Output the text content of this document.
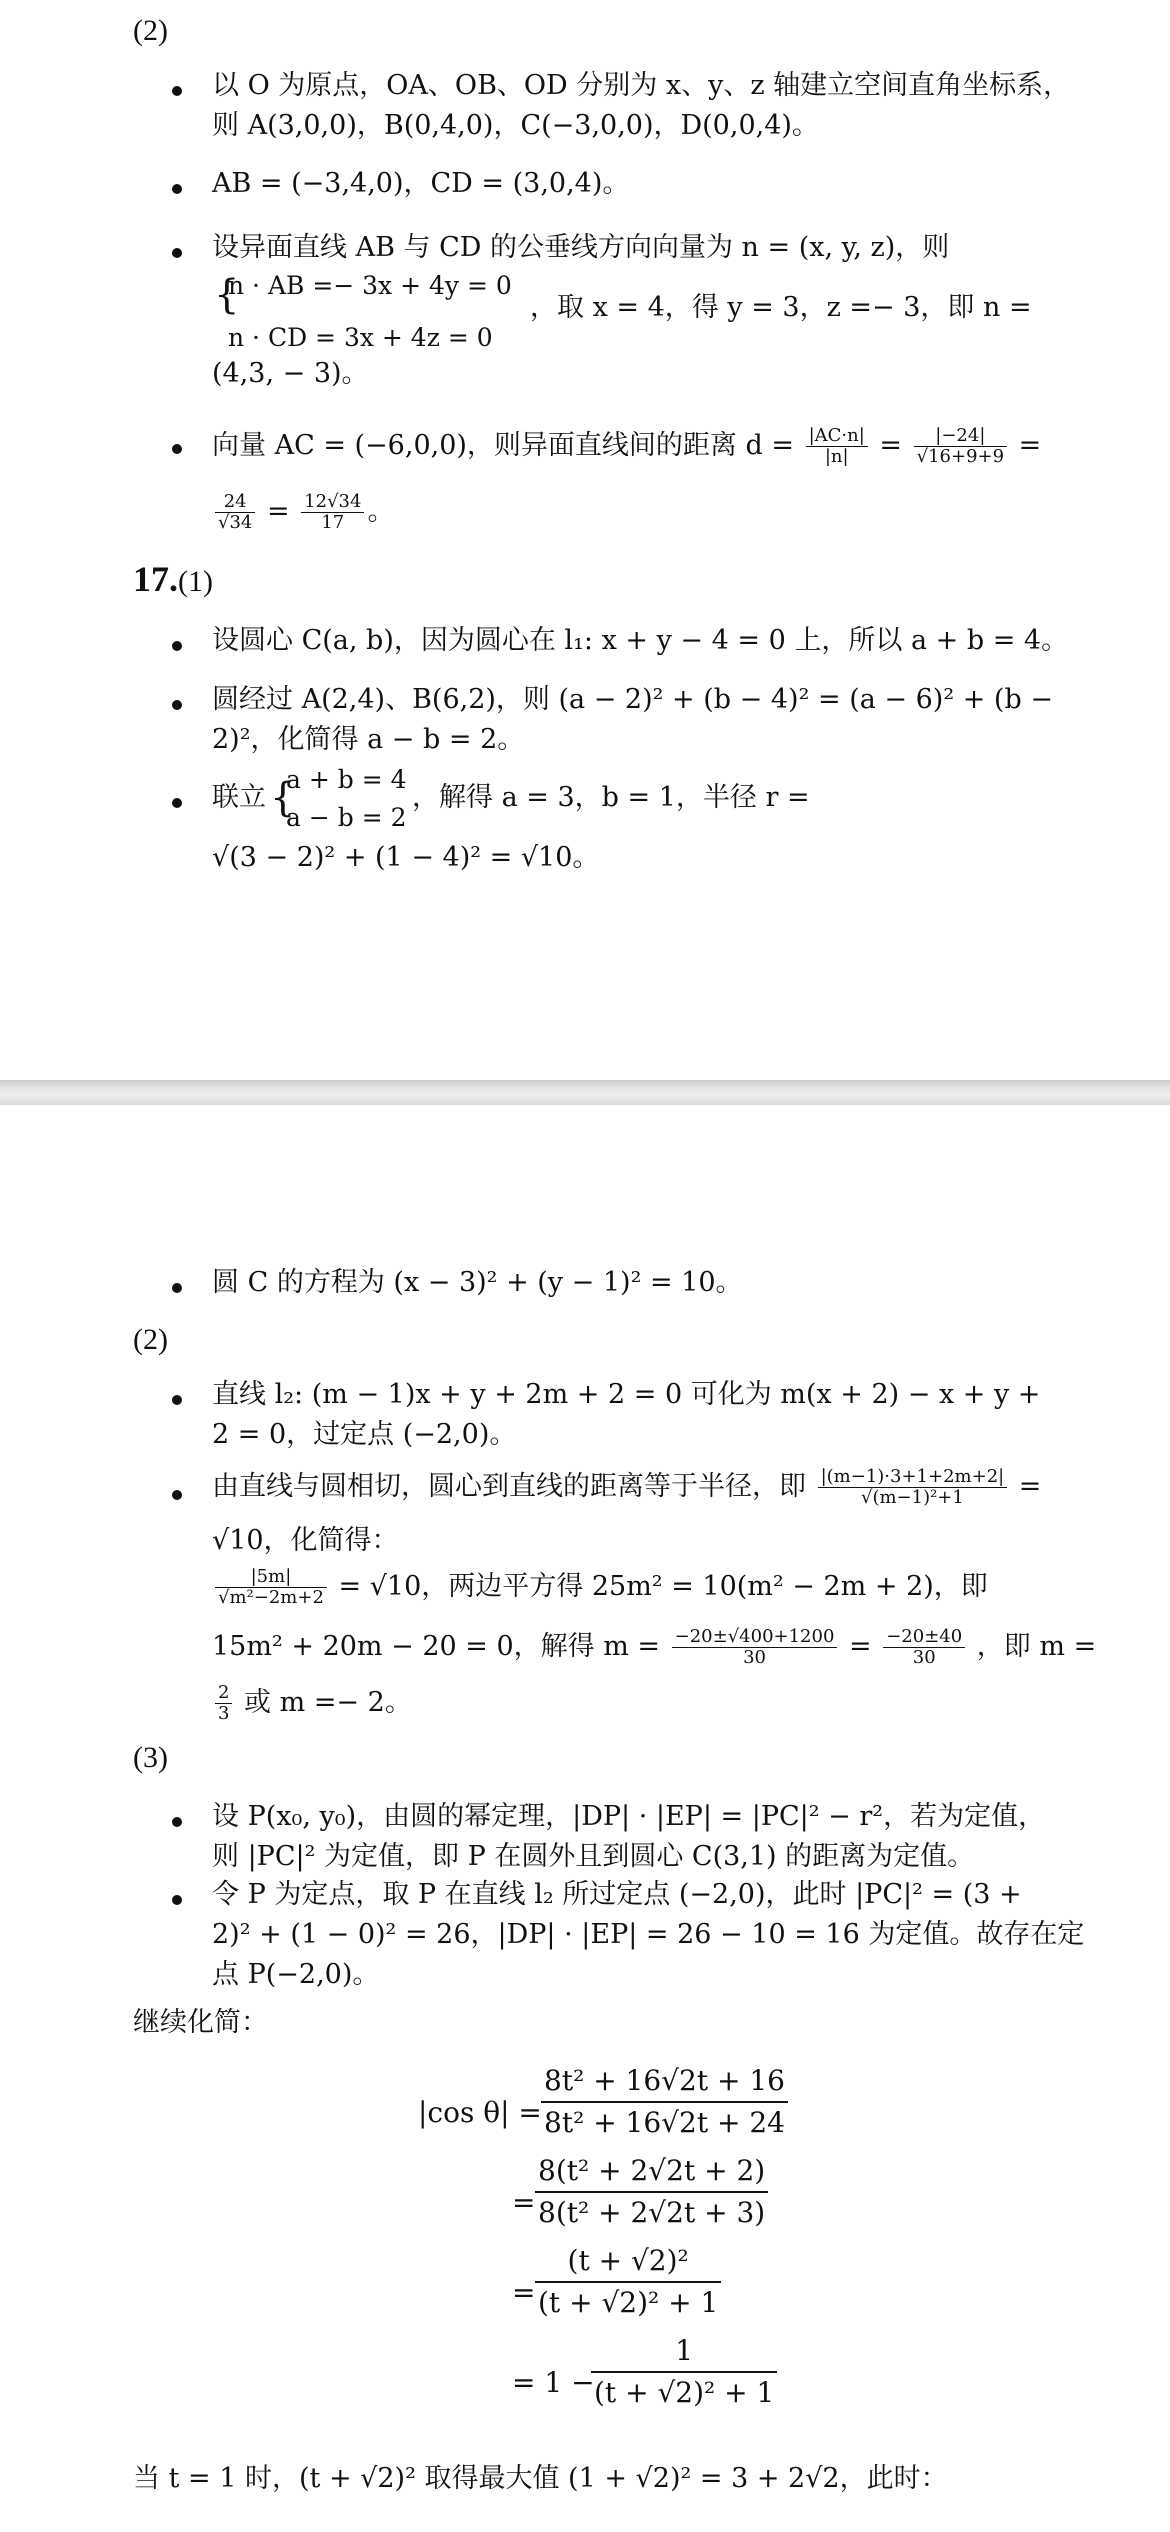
(2)
以 O 为原点，OA、OB、OD 分别为 x、y、z 轴建立空间直角坐标系，
则 A(3,0,0)，B(0,4,0)，C(−3,0,0)，D(0,0,4)。
AB = (−3,4,0)，CD = (3,0,4)。
设异面直线 AB 与 CD 的公垂线方向向量为 n = (x, y, z)，则
{
n · AB =− 3x + 4y = 0
，取 x = 4，得 y = 3，z =− 3，即 n =
n · CD = 3x + 4z = 0
(4,3, − 3)。
向量 AC = (−6,0,0)，则异面直线间的距离 $d = \frac{|AC\cdot n|}{|n|} = \frac{|-24|}{√16+9+9}$ =
$\frac{24}{√34} = \frac{12√34}{17}$ 。
17.(1)
设圆心 C(a, b)，因为圆心在 l₁: x + y − 4 = 0 上，所以 a + b = 4。
圆经过 A(2,4)、B(6,2)，则 (a − 2)² + (b − 4)² = (a − 6)² + (b −
2)²，化简得 a − b = 2。
联立 {
a + b = 4
a − b = 2
，解得 a = 3，b = 1，半径 r =
√(3 − 2)² + (1 − 4)² = √10。
圆 C 的方程为 (x − 3)² + (y − 1)² = 10。
(2)
直线 l₂: (m − 1)x + y + 2m + 2 = 0 可化为 m(x + 2) − x + y +
2 = 0，过定点 (−2,0)。
由直线与圆相切，圆心到直线的距离等于半径，即 $\frac{|(m-1)\cdot 3+1+2m+2|}{\text{√(m−1)²+1}}$ =
√10，化简得：
$\frac{|5m|}{\text{√m²−2m+2}} = √10$，两边平方得 25m² = 10(m² − 2m + 2)，即
15m² + 20m − 20 = 0，解得 $m = \frac{-20\pm√400+1200}{30} = \frac{-20\pm 40}{30}$ ，即 m =
$\frac{2}{3}$ 或 m =− 2。
(3)
设 P(x₀, y₀)，由圆的幂定理，|DP| · |EP| = |PC|² − r²，若为定值，
则 |PC|² 为定值，即 P 在圆外且到圆心 C(3,1) 的距离为定值。
令 P 为定点，取 P 在直线 l₂ 所过定点 (−2,0)，此时 |PC|² = (3 +
2)² + (1 − 0)² = 26，|DP| · |EP| = 26 − 10 = 16 为定值。故存在定
点 P(−2,0)。
继续化简：
|cos $\theta| = \frac{\text{8t² + 16√2t + 16}}{\text{8t² + 16√2t + 24}}$
= $\frac{\text{8(t² + 2√2t + 2)}}{\text{8(t² + 2√2t + 3)}}$
= $\frac{\text{(t + √2)²}}{\text{(t + √2)² + 1}}$
= 1 −
$\frac{1}{\text{(t + √2)² + 1}}$
当 t = 1 时，(t + √2)² 取得最大值 (1 + √2)² = 3 + 2√2，此时：
